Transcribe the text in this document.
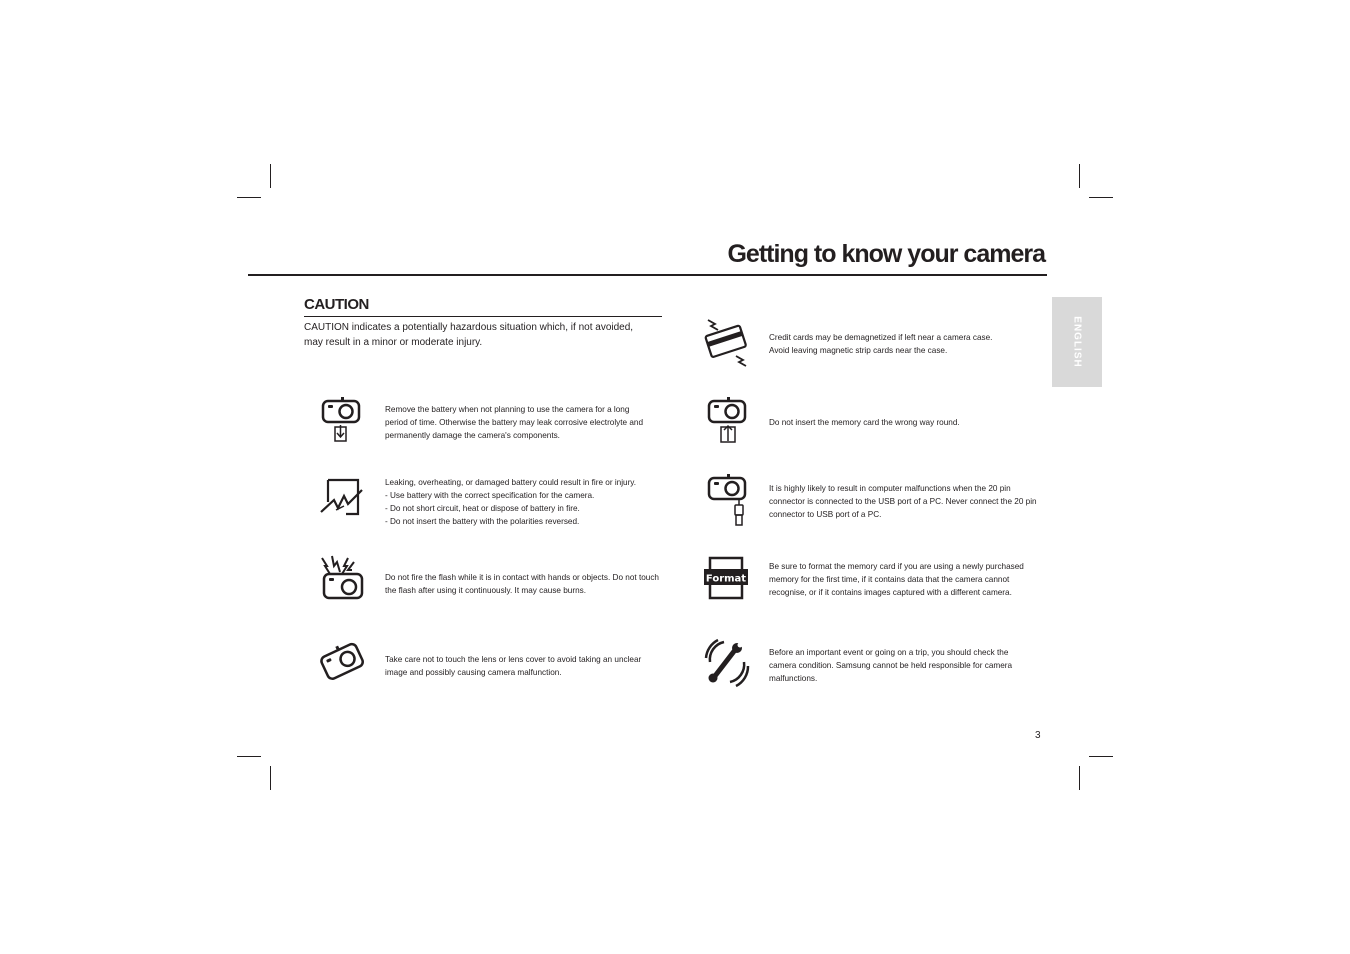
Getting to know your camera
ENGLISH
CAUTION

CAUTION indicates a potentially hazardous situation which, if not avoided, may result in a minor or moderate injury.

Remove the battery when not planning to use the camera for a long
period of time. Otherwise the battery may leak corrosive electrolyte and
permanently damage the camera's components.

Leaking, overheating, or damaged battery could result in fire or injury.
- Use battery with the correct specification for the camera.
- Do not short circuit, heat or dispose of battery in fire.
- Do not insert the battery with the polarities reversed.

Do not fire the flash while it is in contact with hands or objects. Do not touch
the flash after using it continuously. It may cause burns.

Take care not to touch the lens or lens cover to avoid taking an unclear
image and possibly causing camera malfunction.

Credit cards may be demagnetized if left near a camera case.
Avoid leaving magnetic strip cards near the case.

Do not insert the memory card the wrong way round.

It is highly likely to result in computer malfunctions when the 20 pin
connector is connected to the USB port of a PC. Never connect the 20 pin
connector to USB port of a PC.

Format

Be sure to format the memory card if you are using a newly purchased
memory for the first time, if it contains data that the camera cannot
recognise, or if it contains images captured with a different camera.

Before an important event or going on a trip, you should check the
camera condition. Samsung cannot be held responsible for camera
malfunctions.

3
